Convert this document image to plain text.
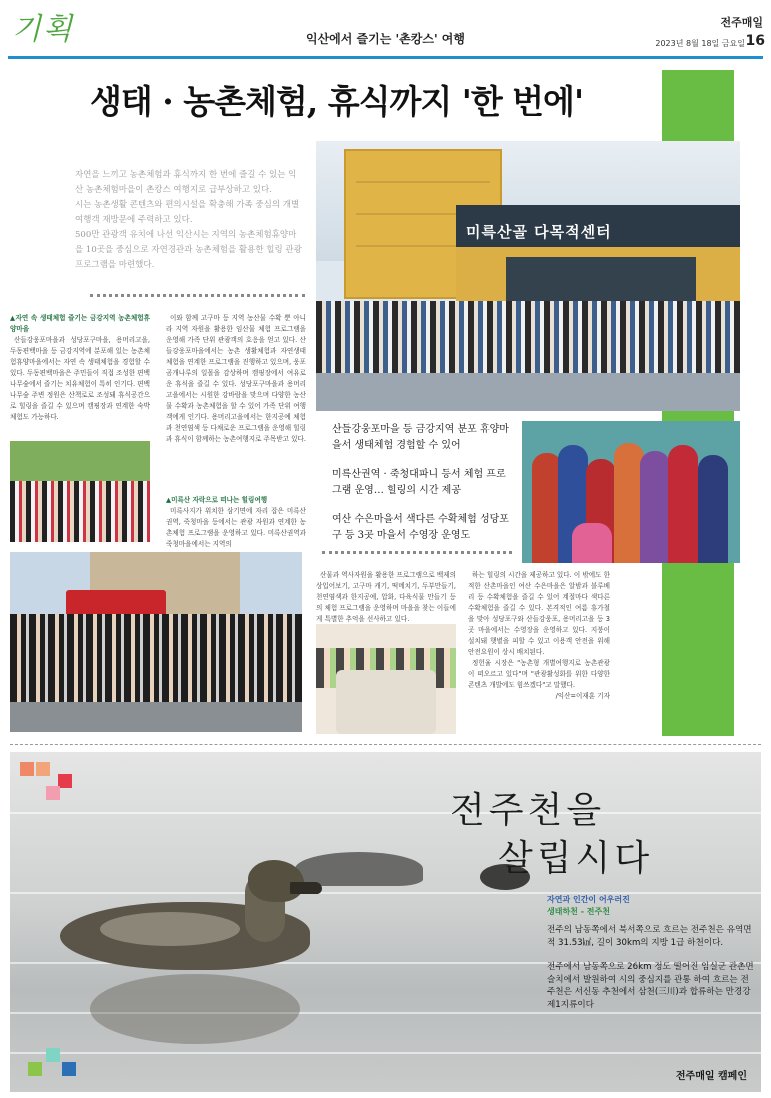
기획	익산에서 즐기는 '촌캉스' 여행
전주매일
2023년 8월 18일 금요일 16
생태 · 농촌체험, 휴식까지 '한 번에'

자연을 느끼고 농촌체험과 휴식까지 한 번에 즐길 수 있는 익산 농촌체험마을이 촌캉스 여행지로 급부상하고 있다.

시는 농촌생활 콘텐츠와 편의시설을 확충해 가족 중심의 개별여행객 재방문에 주력하고 있다.

500만 관광객 유치에 나선 익산시는 지역의 농촌체험휴양마을 10곳을 중심으로 자연경관과 농촌체험을 활용한 힐링 관광 프로그램을 마련했다.

미륵산골 다목적센터

산들강웅포마을 등 금강지역 분포 휴양마을서 생태체험 경험할 수 있어

미륵산권역 · 죽청대파니 등서 체험 프로그램 운영… 힐링의 시간 제공

여산 수은마을서 색다른 수확체험 성당포구 등 3곳 마을서 수영장 운영도

▲자연 속 생태체험 즐기는 금강지역 농촌체험휴양마을

산들강웅포마을과 성당포구마을, 용머리고을, 두동편백마을 등 금강지역에 분포해 있는 농촌체험휴양마을에서는 자연 속 생태체험을 경험할 수 있다. 두동편백마을은 주민들이 직접 조성한 편백나무숲에서 즐기는 치유체험이 특히 인기다. 편백나무숲 주변 정원은 산책로로 조성돼 휴식공간으로 힐링을 즐길 수 있으며 캠핑장과 연계한 숙박체험도 가능하다.

▲미륵산 자락으로 떠나는 힐링여행

미륵사지가 위치한 삼기면에 자리 잡은 미륵산권역, 죽청마을 등에서는 관광 자원과 연계한 농촌체험 프로그램을 운영하고 있다. 미륵산권역과 죽청마을에서는 지역의

이와 함께 고구마 등 지역 농산물 수확 뿐 아니라 지역 자원을 활용한 임산물 체험 프로그램을 운영해 가족 단위 관광객의 호응을 얻고 있다. 산들강웅포마을에서는 농촌 생활체험과 자연생태체험을 연계한 프로그램을 진행하고 있으며, 웅포 곰개나루의 일몰을 감상하며 캠핑장에서 여유로운 휴식을 즐길 수 있다. 성당포구마을과 용머리고을에서는 시원한 강바람을 맞으며 다양한 농산물 수확과 농촌체험을 할 수 있어 가족 단위 여행객에게 인기다. 용머리고을에서는 한지공예 체험과 천연염색 등 다채로운 프로그램을 운영해 힐링과 휴식이 함께하는 농촌여행지로 주목받고 있다.

산물과 역사자원을 활용한 프로그램으로 백제의상입어보기, 고구마 캐기, 떡메치기, 두부만들기, 천연염색과 한지공예, 압화, 다육식물 만들기 등의 체험 프로그램을 운영하며 마을을 찾는 이들에게 특별한 추억을 선사하고 있다.

하는 힐링의 시간을 제공하고 있다. 이 밖에도 한적한 산촌마을인 여산 수은마을은 알밤과 블루베리 등 수확체험을 즐길 수 있어 계절마다 색다른 수확체험을 즐길 수 있다. 본격적인 여름 휴가철을 맞아 성당포구와 산들강웅포, 용머리고을 등 3곳 마을에서는 수영장을 운영하고 있다. 지붕이 설치돼 햇볕을 피할 수 있고 이용객 안전을 위해 안전요원이 상시 배치된다.

정헌율 시장은 "농촌형 개별여행지로 농촌관광이 떠오르고 있다"며 "관광활성화를 위한 다양한 콘텐츠 개발에도 힘쓰겠다"고 말했다.

/익산=이재훈 기자

전주천을
살립시다
자연과 인간이 어우러진
생태하천 - 전주천

전주의 남동쪽에서 북서쪽으로 흐르는 전주천은 유역면적 31.53㎢, 길이 30km의 지방 1급 하천이다.

전주에서 남동쪽으로 26km 정도 떨어진 임실군 관촌면 슬치에서 발원하여 시의 중심지를 관통 하여 흐르는 전주천은 서신동 추천에서 삼천(三川)과 합류하는 만경강 제1지류이다

전주매일 캠페인
